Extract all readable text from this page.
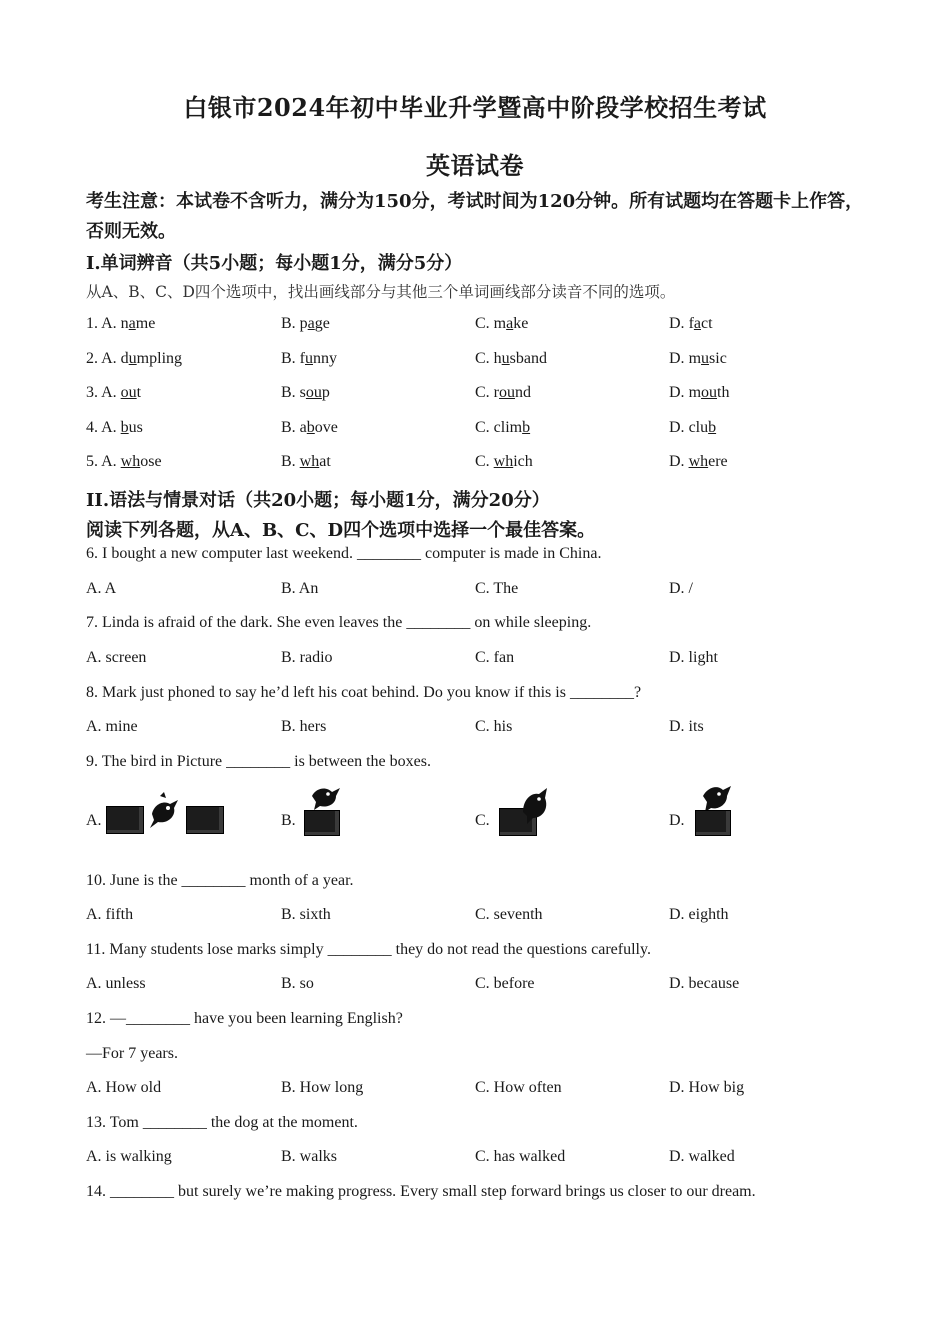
白银市2024年初中毕业升学暨高中阶段学校招生考试
英语试卷
考生注意：本试卷不含听力，满分为150分，考试时间为120分钟。所有试题均在答题卡上作答，否则无效。
I.单词辨音（共5小题；每小题1分，满分5分）
从A、B、C、D四个选项中，找出画线部分与其他三个单词画线部分读音不同的选项。
1. A. name	B. page	C. make	D. fact
2. A. dumpling	B. funny	C. husband	D. music
3. A. out	B. soup	C. round	D. mouth
4. A. bus	B. above	C. climb	D. club
5. A. whose	B. what	C. which	D. where
II.语法与情景对话（共20小题；每小题1分，满分20分）
阅读下列各题，从A、B、C、D四个选项中选择一个最佳答案。
6. I bought a new computer last weekend. ________ computer is made in China.
A. A	B. An	C. The	D. /
7. Linda is afraid of the dark. She even leaves the ________ on while sleeping.
A. screen	B. radio	C. fan	D. light
8. Mark just phoned to say he’d left his coat behind. Do you know if this is ________?
A. mine	B. hers	C. his	D. its
9. The bird in Picture ________ is between the boxes.
A.	B.	C.	D.
10. June is the ________ month of a year.
A. fifth	B. sixth	C. seventh	D. eighth
11. Many students lose marks simply ________ they do not read the questions carefully.
A. unless	B. so	C. before	D. because
12. —________ have you been learning English?
—For 7 years.
A. How old	B. How long	C. How often	D. How big
13. Tom ________ the dog at the moment.
A. is walking	B. walks	C. has walked	D. walked
14. ________ but surely we’re making progress. Every small step forward brings us closer to our dream.
